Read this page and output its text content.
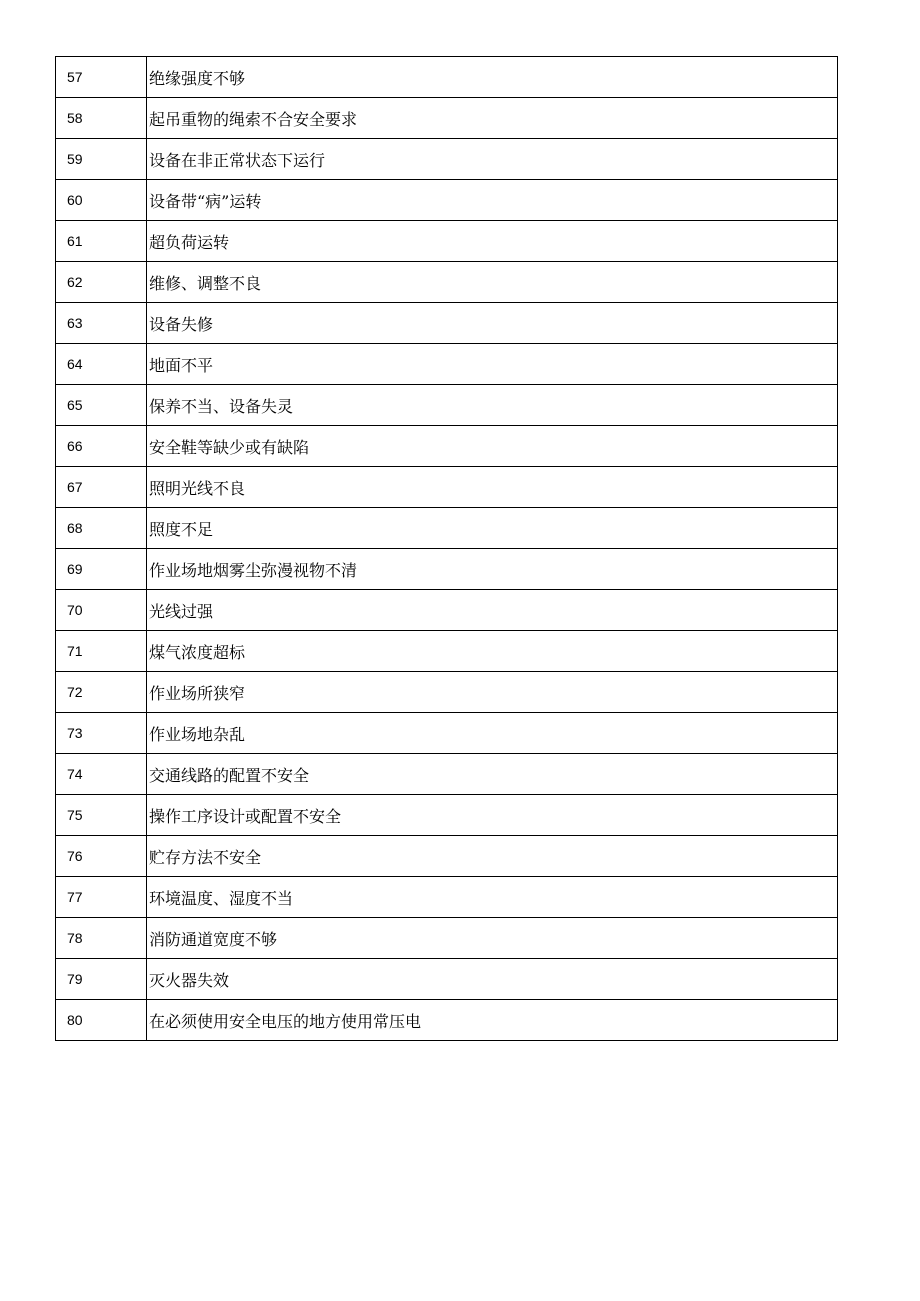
57	绝缘强度不够
58	起吊重物的绳索不合安全要求
59	设备在非正常状态下运行
60	设备带“病”运转
61	超负荷运转
62	维修、调整不良
63	设备失修
64	地面不平
65	保养不当、设备失灵
66	安全鞋等缺少或有缺陷
67	照明光线不良
68	照度不足
69	作业场地烟雾尘弥漫视物不清
70	光线过强
71	煤气浓度超标
72	作业场所狭窄
73	作业场地杂乱
74	交通线路的配置不安全
75	操作工序设计或配置不安全
76	贮存方法不安全
77	环境温度、湿度不当
78	消防通道宽度不够
79	灭火器失效
80	在必须使用安全电压的地方使用常压电
